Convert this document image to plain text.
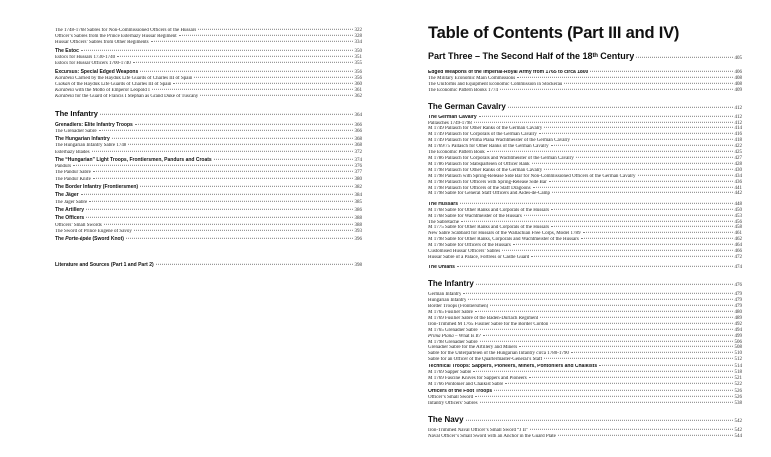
The 1748-1768 Sabres for Non-Commissioned Officers of the Hussars	322
Officer’s Sabres from the Prince Esterházy Hussar Regiment	328
Hussar Officers’ Sabres from Other Regiments	334
The Estoc	350
Estocs for Hussars 1730-1740	351
Estocs for Hussar Officers 1700-1740	355
Excursus: Special Edged Weapons	356
Karabela Carried by the Hayduk Life Guards of Charles III of Spain	356
Csákán of the Hayduk Life Guards of Charles III of Spain	360
Karabela with the Motto of Emperor Leopold I	361
Karabela for the Guard of Francis I Stephan as Grand Duke of Tuscany	362
The Infantry	364
Grenadiers: Elite Infantry Troops	366
The Grenadier Sabre	366
The Hungarian Infantry	368
The Hungarian Infantry Sabre 1748	368
Esterházy Blades	372
The “Hungarian” Light Troops, Frontiersmen, Pandurs and Croats	374
Pandurs	376
The Pandur Sabre	377
The Pandur Knife	380
The Border Infantry (Frontiersmen)	382
The Jäger	384
The Jäger Sabre	385
The Artillery	386
The Officers	388
Officers’ Small Swords	388
The Sword of Prince Eugene of Savoy	393
The Porte-épée (Sword Knot)	396
Literature and Sources (Part 1 and Part 2)	398
Table of Contents (Part III and IV)
Part Three – The Second Half of the 18ᵗʰ Century	405
Edged Weapons of the Imperial-Royal Army from 1765 to circa 1800	406
The Military Economic Main Commissions	408
The Uniforms and Equipment Economic Commission in Stockerau	408
The Economic Pattern Books 1774	409
The German Cavalry	412
The German Cavalry	412
Pallasches 1749-1798	412
M 1749 Pallasch for Other Ranks of the German Cavalry	414
M 1749 Pallasch for Corporals of the German Cavalry	416
M 1749 Pallasch for Prima Plana Wachtmeister of the German Cavalry	418
M 1769/75 Pallasch for Other Ranks of the German Cavalry	422
The Economic Pattern Book	425
M 1786 Pallasch for Corporals and Wachtmeister of the German Cavalry	427
M 1786 Pallasch for Stabsparteien of Officer Rank	428
M 1798 Pallasch for Other Ranks of the German Cavalry	430
M 1798 Pallasch with Spring-Release Side Bar for Non-Commissioned Officers of the German Cavalry	434
M 1798 Pallasch for Officers with Spring-Release Side Bar	436
M 1798 Pallasch for Officers of the Staff Dragoons	441
M 1798 Sabre for General Staff Officers and Aides-de-Camp	442
The Hussars	448
M 1768 Sabre for Other Ranks and Corporals of the Hussars	450
M 1768 Sabre for Wachtmeister of the Hussars	453
The Sabretache	456
M 1775 Sabre for Other Ranks and Corporals of the Hussars	458
New Sabre Scabbard for Hussars of the Wallachian Free Corps, Model 1789	461
M 1798 Sabre for Other Ranks, Corporals and Wachtmeister of the Hussars	462
M 1798 Sabre for Officers of the Hussars	464
Customised Hussar Officers’ Sabres	466
Hussar Sabre of a Palace, Fortress or Castle Guard	472
The Uhlans	474
The Infantry	476
German Infantry	479
Hungarian Infantry	479
Border Troops (Frontiersmen)	479
M 1765 Fusilier Sabre	480
M 1769 Fusilier Sabre of the Baden-Durlach Regiment	489
Iron-Trimmed M 1765 Fusilier Sabre for the Border Cordon	492
M 1765 Grenadier Sabre	494
Prima Plana – What Is It?	499
M 1798 Grenadier Sabre	506
Grenadier Sabre for the Artillery and Miners	508
Sabre for the Unterparteien of the Hungarian Infantry circa 1780-1790	510
Sabre for an Officer of the Quartermaster-General’s Staff	512
Technical Troops: Sappers, Pioneers, Miners, Pontoniers and Chaikists	514
M 1769 Sapper Sabre	518
M 1769 Fascine Knives for Sappers and Pioneers	521
M 1766 Pontonier and Chaikist Sabre	522
Officers of the Foot Troops	526
Officer’s Small Sword	526
Infantry Officers’ Sabres	538
The Navy	542
Iron-Trimmed Naval Officer’s Small Sword “J II”	542
Naval Officer’s Small Sword with an Anchor in the Guard Plate	544
